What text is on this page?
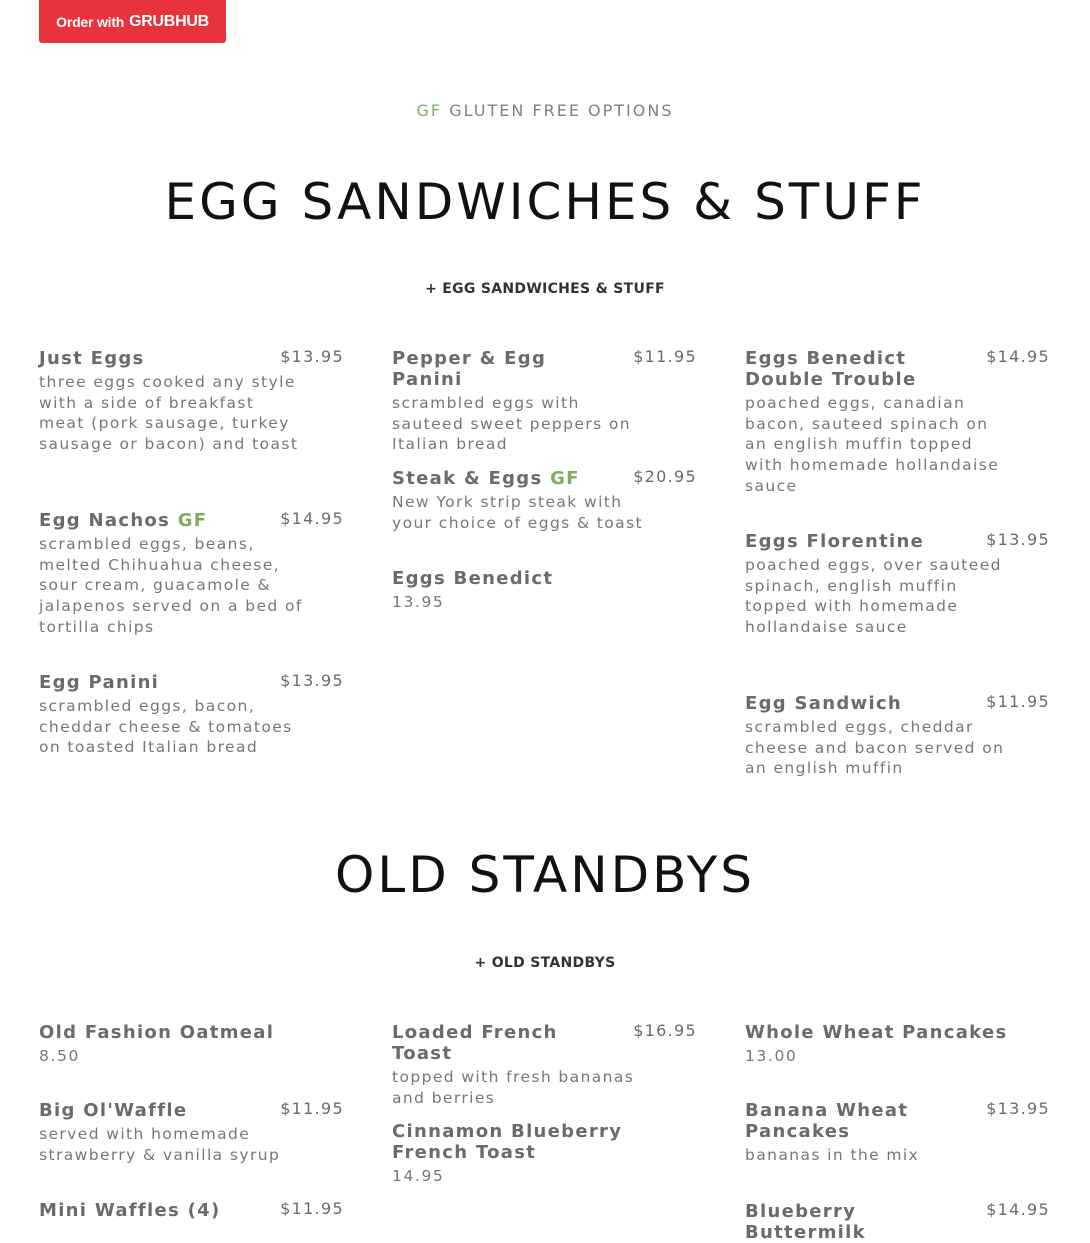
Order with GRUBHUB
GF GLUTEN FREE OPTIONS
EGG SANDWICHES & STUFF
+ EGG SANDWICHES & STUFF
Just Eggs	$13.95
three eggs cooked any style with a side of breakfast meat (pork sausage, turkey sausage or bacon) and toast
Egg Nachos GF	$14.95
scrambled eggs, beans, melted Chihuahua cheese, sour cream, guacamole & jalapenos served on a bed of tortilla chips
Egg Panini	$13.95
scrambled eggs, bacon, cheddar cheese & tomatoes on toasted Italian bread
Pepper & Egg Panini
$11.95
scrambled eggs with sauteed sweet peppers on Italian bread
Steak & Eggs GF	$20.95
New York strip steak with your choice of eggs & toast
Eggs Benedict
13.95
Eggs Benedict Double Trouble
$14.95
poached eggs, canadian bacon, sauteed spinach on an english muffin topped with homemade hollandaise sauce
Eggs Florentine	$13.95
poached eggs, over sauteed spinach, english muffin topped with homemade hollandaise sauce
Egg Sandwich	$11.95
scrambled eggs, cheddar cheese and bacon served on an english muffin
OLD STANDBYS
+ OLD STANDBYS
Old Fashion Oatmeal
8.50
Big Ol'Waffle	$11.95
served with homemade strawberry & vanilla syrup
Mini Waffles (4)	$11.95
Loaded French Toast
$16.95
topped with fresh bananas and berries
Cinnamon Blueberry French Toast
14.95
Whole Wheat Pancakes
13.00
Banana Wheat Pancakes
$13.95
bananas in the mix
Blueberry Buttermilk
$14.95
